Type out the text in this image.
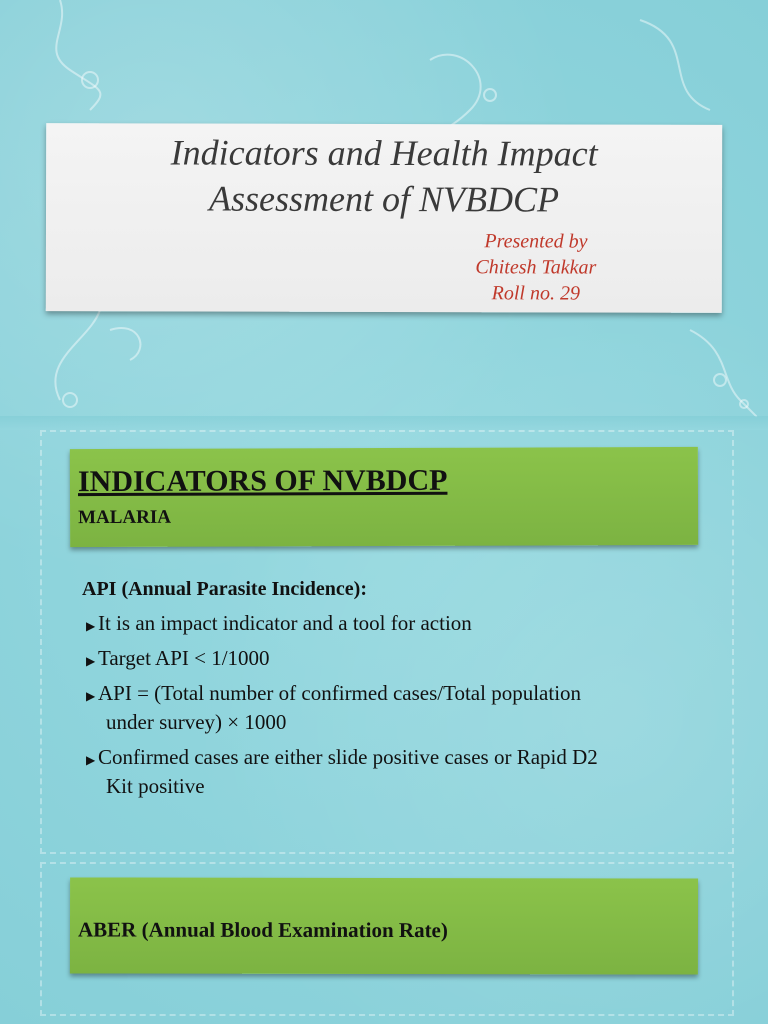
Indicators and Health Impact
Assessment of NVBDCP
Presented by
Chitesh Takkar
Roll no. 29
INDICATORS OF NVBDCP
MALARIA
API (Annual Parasite Incidence):
▶ It is an impact indicator and a tool for action
▶ Target API < 1/1000
▶ API = (Total number of confirmed cases/Total population
under survey) × 1000
▶ Confirmed cases are either slide positive cases or Rapid D2
Kit positive
ABER (Annual Blood Examination Rate)
